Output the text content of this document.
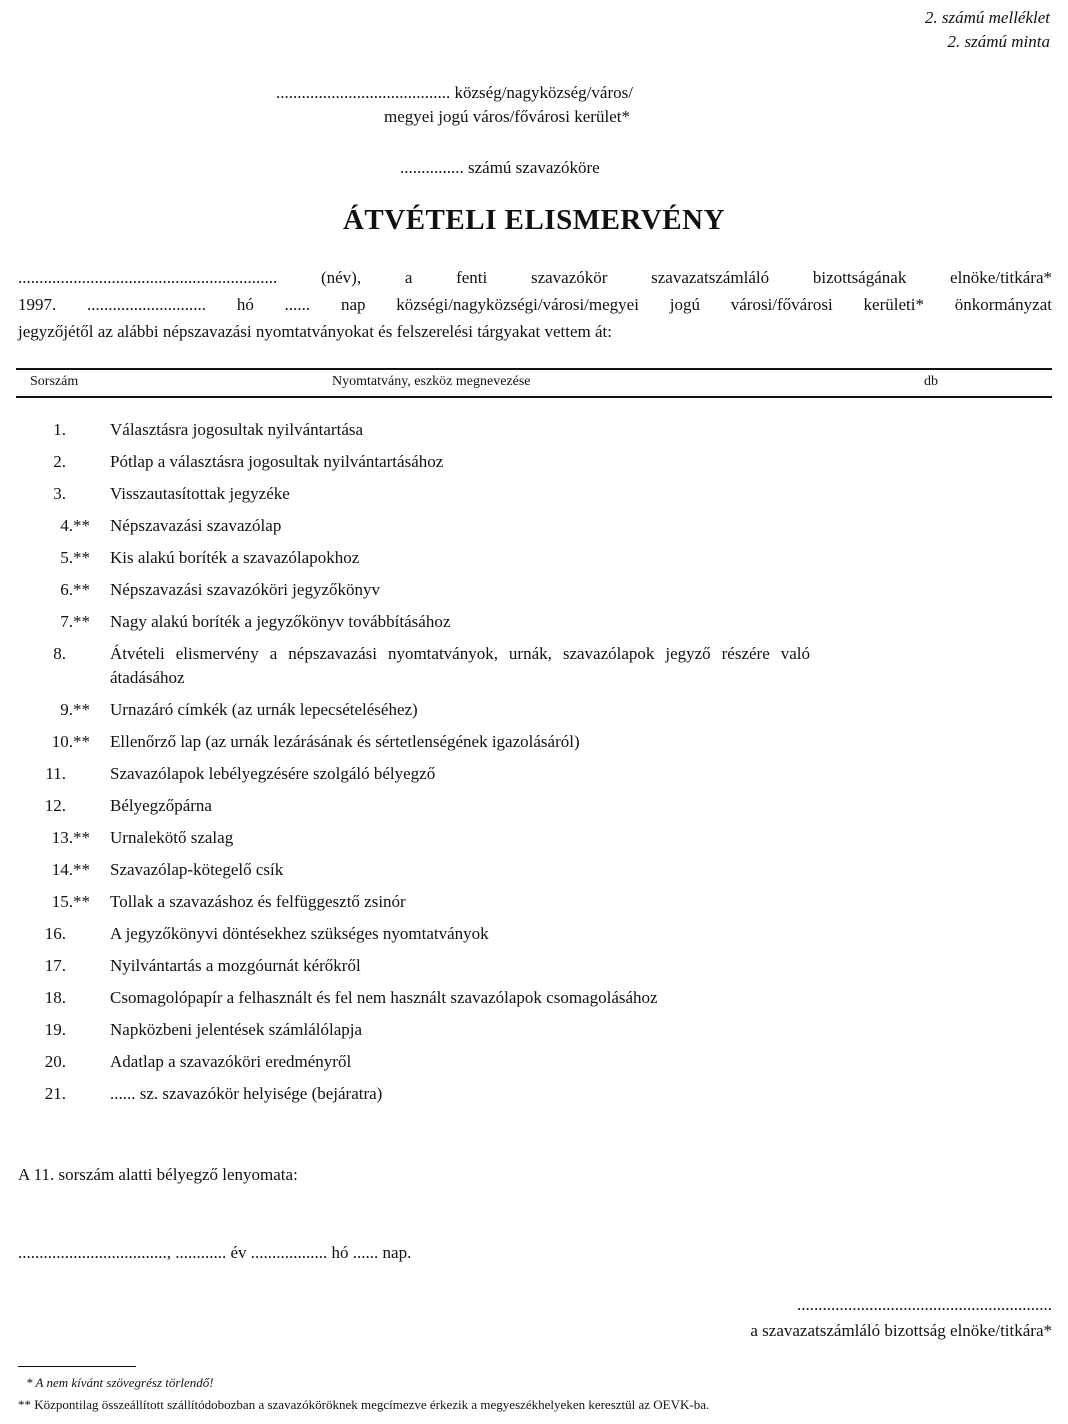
2. számú melléklet
2. számú minta
......................................... község/nagyközség/város/
megyei jogú város/fővárosi kerület*
............... számú szavazóköre
ÁTVÉTELI ELISMERVÉNY
............................................................. (név), a fenti szavazókör szavazatszámláló bizottságának elnöke/titkára*
1997. ............................ hó ...... nap községi/nagyközségi/városi/megyei jogú városi/fővárosi kerületi* önkormányzat
jegyzőjétől az alábbi népszavazási nyomtatványokat és felszerelési tárgyakat vettem át:
Sorszám	Nyomtatvány, eszköz megnevezése	db
1.	Választásra jogosultak nyilvántartása
2.	Pótlap a választásra jogosultak nyilvántartásához
3.	Visszautasítottak jegyzéke
4.** Népszavazási szavazólap
5.** Kis alakú boríték a szavazólapokhoz
6.** Népszavazási szavazóköri jegyzőkönyv
7.** Nagy alakú boríték a jegyzőkönyv továbbításához
8.	Átvételi elismervény a népszavazási nyomtatványok, urnák, szavazólapok jegyző részére való átadásához
9.** Urnazáró címkék (az urnák lepecsételéséhez)
10.** Ellenőrző lap (az urnák lezárásának és sértetlenségének igazolásáról)
11.	Szavazólapok lebélyegzésére szolgáló bélyegző
12.	Bélyegzőpárna
13.** Urnalekötő szalag
14.** Szavazólap-kötegelő csík
15.** Tollak a szavazáshoz és felfüggesztő zsinór
16.	A jegyzőkönyvi döntésekhez szükséges nyomtatványok
17.	Nyilvántartás a mozgóurnát kérőkről
18.	Csomagolópapír a felhasznált és fel nem használt szavazólapok csomagolásához
19.	Napközbeni jelentések számlálólapja
20.	Adatlap a szavazóköri eredményről
21.	...... sz. szavazókör helyisége (bejáratra)
A 11. sorszám alatti bélyegző lenyomata:
..................................., ............ év .................. hó ...... nap.
............................................................
a szavazatszámláló bizottság elnöke/titkára*
* A nem kívánt szövegrész törlendő!
** Központilag összeállított szállítódobozban a szavazóköröknek megcímezve érkezik a megyeszékhelyeken keresztül az OEVK-ba.
